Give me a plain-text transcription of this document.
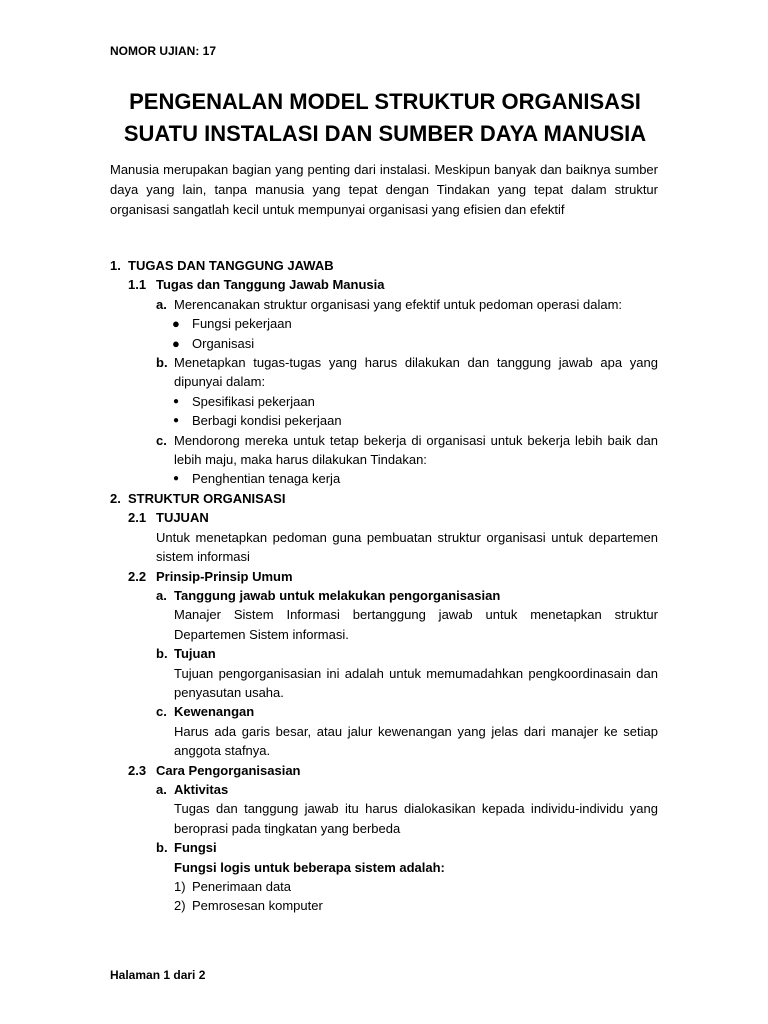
NOMOR UJIAN: 17
PENGENALAN MODEL STRUKTUR ORGANISASI
SUATU INSTALASI DAN SUMBER DAYA MANUSIA
Manusia merupakan bagian yang penting dari instalasi. Meskipun banyak dan baiknya sumber daya yang lain, tanpa manusia yang tepat dengan Tindakan yang tepat dalam struktur organisasi sangatlah kecil untuk mempunyai organisasi yang efisien dan efektif
1. TUGAS DAN TANGGUNG JAWAB
1.1 Tugas dan Tanggung Jawab Manusia
a. Merencanakan struktur organisasi yang efektif untuk pedoman operasi dalam:
● Fungsi pekerjaan
● Organisasi
b. Menetapkan tugas-tugas yang harus dilakukan dan tanggung jawab apa yang dipunyai dalam:
● Spesifikasi pekerjaan
● Berbagi kondisi pekerjaan
c. Mendorong mereka untuk tetap bekerja di organisasi untuk bekerja lebih baik dan lebih maju, maka harus dilakukan Tindakan:
● Penghentian tenaga kerja
2. STRUKTUR ORGANISASI
2.1 TUJUAN
Untuk menetapkan pedoman guna pembuatan struktur organisasi untuk departemen sistem informasi
2.2 Prinsip-Prinsip Umum
a. Tanggung jawab untuk melakukan pengorganisasian
Manajer Sistem Informasi bertanggung jawab untuk menetapkan struktur Departemen Sistem informasi.
b. Tujuan
Tujuan pengorganisasian ini adalah untuk memumadahkan pengkoordinasain dan penyasutan usaha.
c. Kewenangan
Harus ada garis besar, atau jalur kewenangan yang jelas dari manajer ke setiap anggota stafnya.
2.3 Cara Pengorganisasian
a. Aktivitas
Tugas dan tanggung jawab itu harus dialokasikan kepada individu-individu yang beroprasi pada tingkatan yang berbeda
b. Fungsi
Fungsi logis untuk beberapa sistem adalah:
1) Penerimaan data
2) Pemrosesan komputer
Halaman 1 dari 2
